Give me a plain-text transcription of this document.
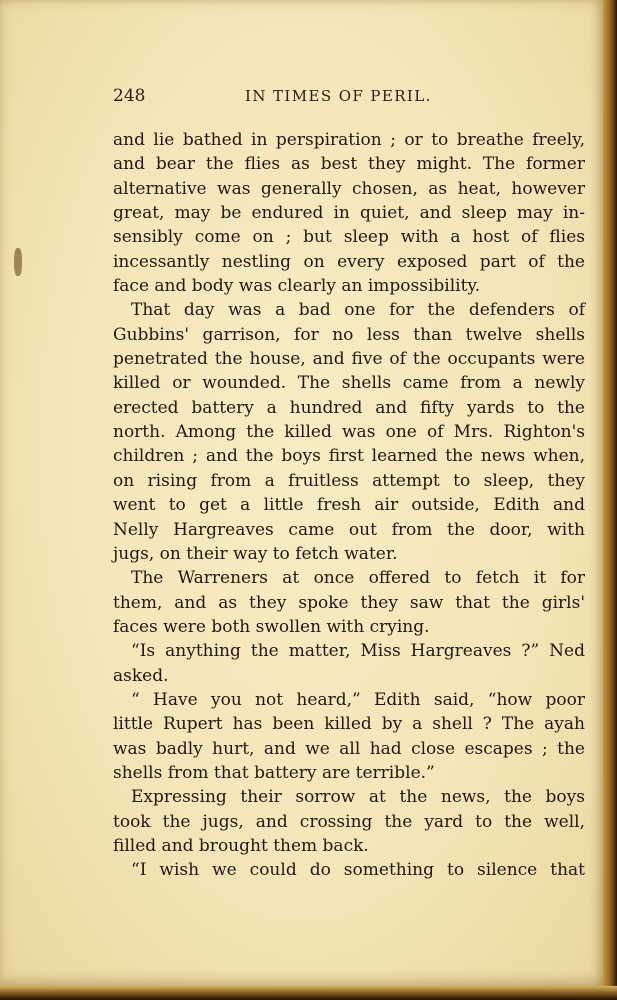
248	IN TIMES OF PERIL.
and lie bathed in perspiration ; or to breathe freely,
and bear the flies as best they might. The former
alternative was generally chosen, as heat, however
great, may be endured in quiet, and sleep may in-
sensibly come on ; but sleep with a host of flies
incessantly nestling on every exposed part of the
face and body was clearly an impossibility.
That day was a bad one for the defenders of
Gubbins' garrison, for no less than twelve shells
penetrated the house, and five of the occupants were
killed or wounded. The shells came from a newly
erected battery a hundred and fifty yards to the
north. Among the killed was one of Mrs. Righton's
children ; and the boys first learned the news when,
on rising from a fruitless attempt to sleep, they
went to get a little fresh air outside, Edith and
Nelly Hargreaves came out from the door, with
jugs, on their way to fetch water.
The Warreners at once offered to fetch it for
them, and as they spoke they saw that the girls'
faces were both swollen with crying.
“Is anything the matter, Miss Hargreaves ?” Ned
asked.
“ Have you not heard,” Edith said, “how poor
little Rupert has been killed by a shell ? The ayah
was badly hurt, and we all had close escapes ; the
shells from that battery are terrible.”
Expressing their sorrow at the news, the boys
took the jugs, and crossing the yard to the well,
filled and brought them back.
“I wish we could do something to silence that
